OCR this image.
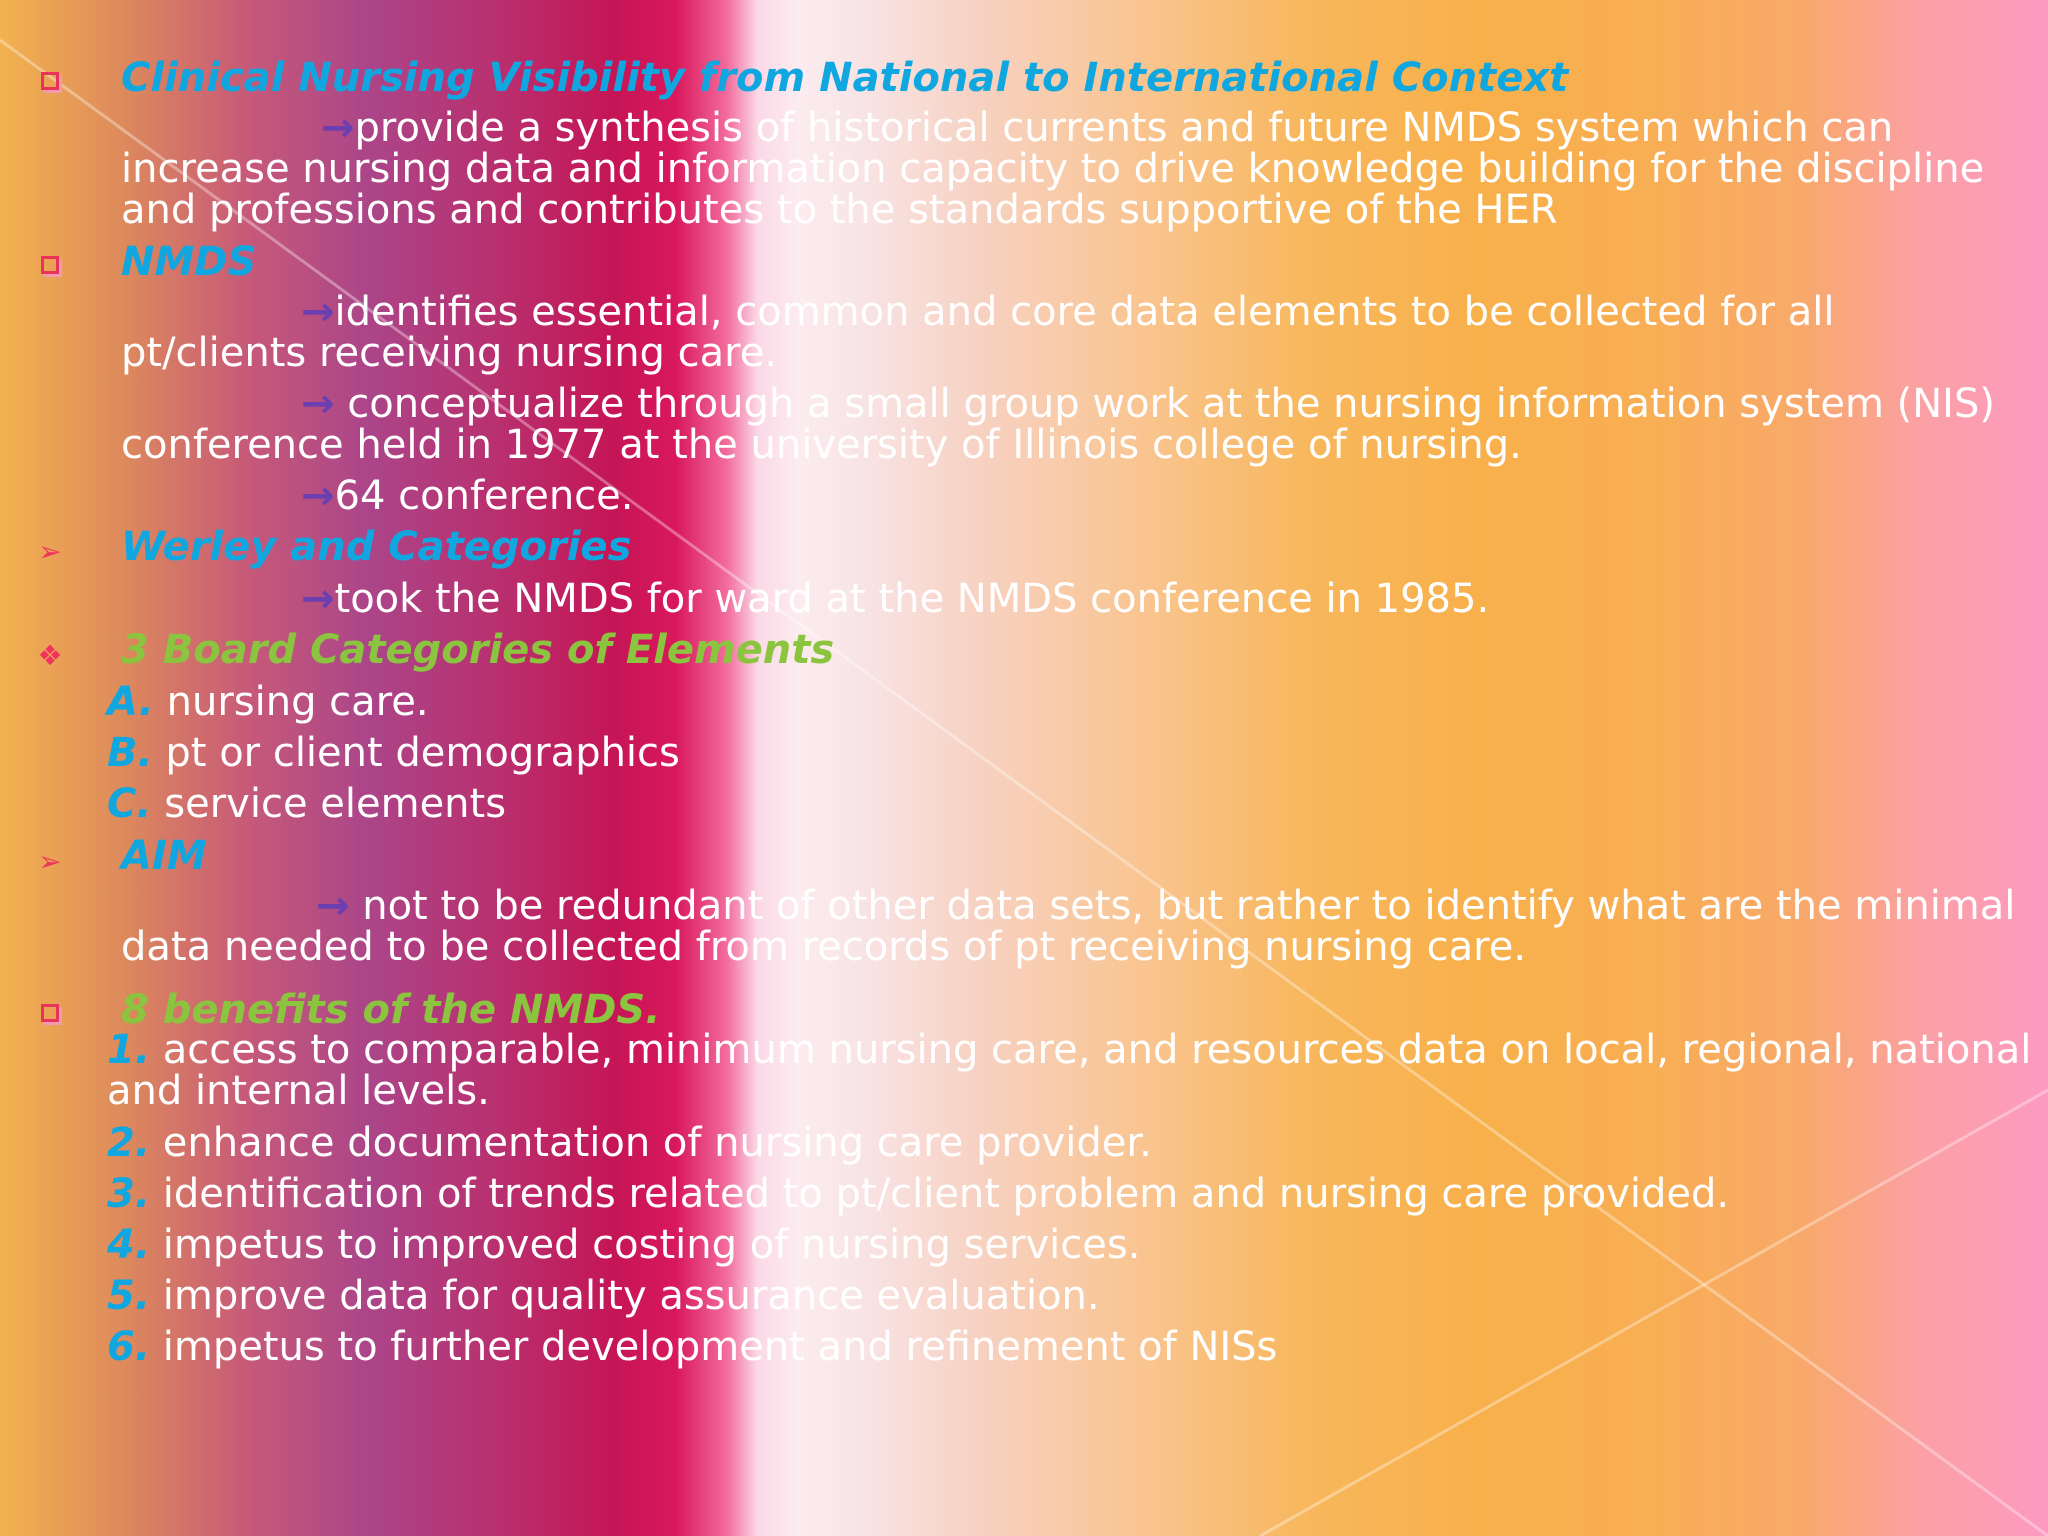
Clinical Nursing Visibility from National to International Context
→provide a synthesis of historical currents and future NMDS system which can increase nursing data and information capacity to drive knowledge building for the discipline and professions and contributes to the standards supportive of the HER
NMDS
→identifies essential, common and core data elements to be collected for all pt/clients receiving nursing care.
→ conceptualize through a small group work at the nursing information system (NIS) conference held in 1977 at the university of Illinois college of nursing.
→64 conference.
➢ Werley and Categories
→took the NMDS for ward at the NMDS conference in 1985.
❖ 3 Board Categories of Elements
A. nursing care.
B. pt or client demographics
C. service elements
➢ AIM
→ not to be redundant of other data sets, but rather to identify what are the minimal data needed to be collected from records of pt receiving nursing care.
8 benefits of the NMDS.
1. access to comparable, minimum nursing care, and resources data on local, regional, national and internal levels.
2. enhance documentation of nursing care provider.
3. identification of trends related to pt/client problem and nursing care provided.
4. impetus to improved costing of nursing services.
5. improve data for quality assurance evaluation.
6. impetus to further development and refinement of NISs
